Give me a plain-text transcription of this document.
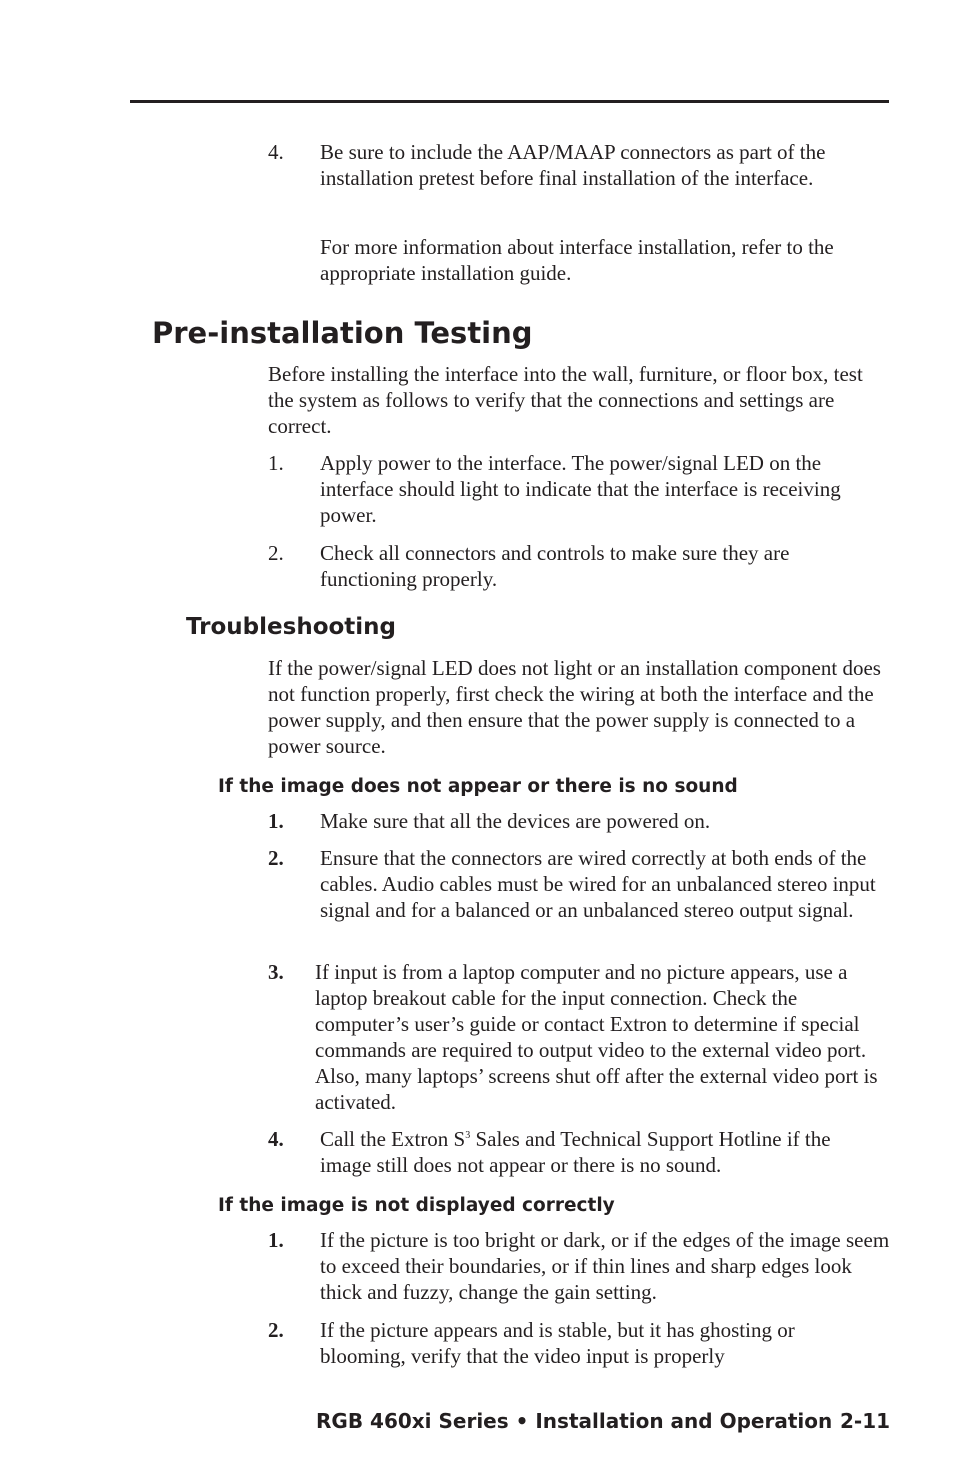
4. Be sure to include the AAP/MAAP connectors as part of the installation pretest before final installation of the interface.
For more information about interface installation, refer to the appropriate installation guide.
Pre-installation Testing
Before installing the interface into the wall, furniture, or floor box, test the system as follows to verify that the connections and settings are correct.
1. Apply power to the interface. The power/signal LED on the interface should light to indicate that the interface is receiving power.
2. Check all connectors and controls to make sure they are functioning properly.
Troubleshooting
If the power/signal LED does not light or an installation component does not function properly, first check the wiring at both the interface and the power supply, and then ensure that the power supply is connected to a power source.
If the image does not appear or there is no sound
1. Make sure that all the devices are powered on.
2. Ensure that the connectors are wired correctly at both ends of the cables. Audio cables must be wired for an unbalanced stereo input signal and for a balanced or an unbalanced stereo output signal.
3. If input is from a laptop computer and no picture appears, use a laptop breakout cable for the input connection. Check the computer’s user’s guide or contact Extron to determine if special commands are required to output video to the external video port. Also, many laptops’ screens shut off after the external video port is activated.
4. Call the Extron $S^3$ Sales and Technical Support Hotline if the image still does not appear or there is no sound.
If the image is not displayed correctly
1. If the picture is too bright or dark, or if the edges of the image seem to exceed their boundaries, or if thin lines and sharp edges look thick and fuzzy, change the gain setting.
2. If the picture appears and is stable, but it has ghosting or blooming, verify that the video input is properly
RGB 460xi Series • Installation and Operation 2-11
